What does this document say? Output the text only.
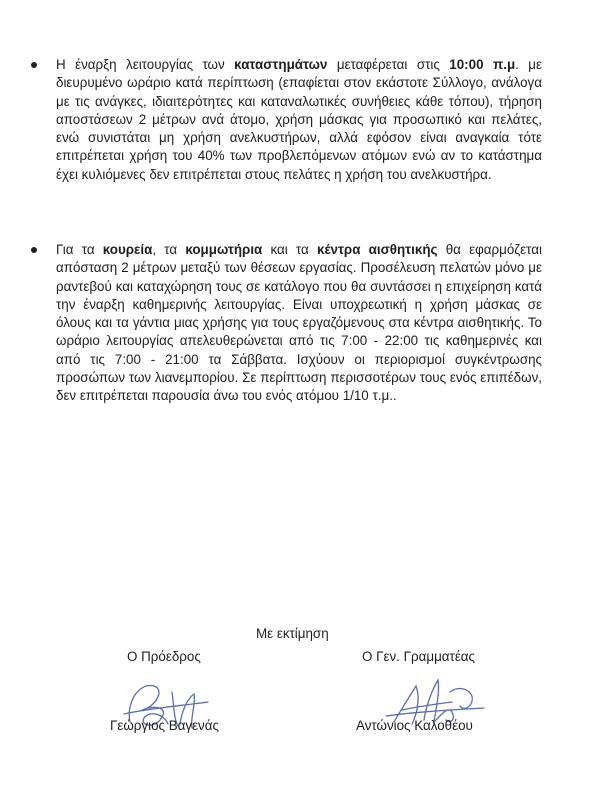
Η έναρξη λειτουργίας των καταστημάτων μεταφέρεται στις 10:00 π.μ. με διευρυμένο ωράριο κατά περίπτωση (επαφίεται στον εκάστοτε Σύλλογο, ανάλογα με τις ανάγκες, ιδιαιτερότητες και καταναλωτικές συνήθειες κάθε τόπου), τήρηση αποστάσεων 2 μέτρων ανά άτομο, χρήση μάσκας για προσωπικό και πελάτες, ενώ συνιστάται μη χρήση ανελκυστήρων, αλλά εφόσον είναι αναγκαία τότε επιτρέπεται χρήση του 40% των προβλεπόμενων ατόμων ενώ αν το κατάστημα έχει κυλιόμενες δεν επιτρέπεται στους πελάτες η χρήση του ανελκυστήρα.
Για τα κουρεία, τα κομμωτήρια και τα κέντρα αισθητικής θα εφαρμόζεται απόσταση 2 μέτρων μεταξύ των θέσεων εργασίας. Προσέλευση πελατών μόνο με ραντεβού και καταχώρηση τους σε κατάλογο που θα συντάσσει η επιχείρηση κατά την έναρξη καθημερινής λειτουργίας. Είναι υποχρεωτική η χρήση μάσκας σε όλους και τα γάντια μιας χρήσης για τους εργαζόμενους στα κέντρα αισθητικής. Το ωράριο λειτουργίας απελευθερώνεται από τις 7:00 - 22:00 τις καθημερινές και από τις 7:00 - 21:00 τα Σάββατα. Ισχύουν οι περιορισμοί συγκέντρωσης προσώπων των λιανεμπορίου. Σε περίπτωση περισσοτέρων τους ενός επιπέδων, δεν επιτρέπεται παρουσία άνω του ενός ατόμου 1/10 τ.μ..
Με εκτίμηση
Ο Πρόεδρος	Ο Γεν. Γραμματέας
Γεώργιος Βαγενάς	Αντώνιος Καλοθέου
